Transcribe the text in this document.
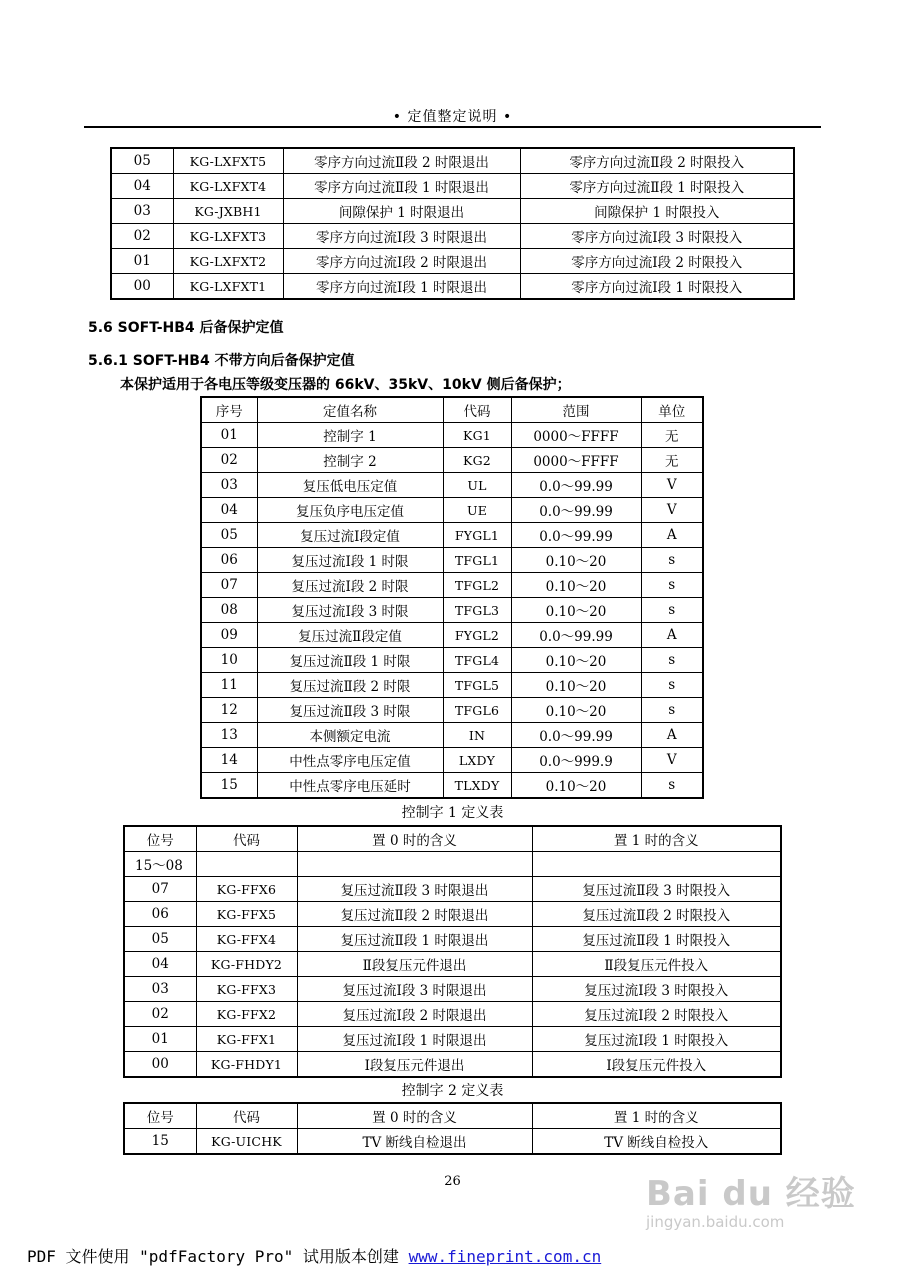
• 定值整定说明 •
05	KG-LXFXT5	零序方向过流Ⅱ段 2 时限退出	零序方向过流Ⅱ段 2 时限投入
04	KG-LXFXT4	零序方向过流Ⅱ段 1 时限退出	零序方向过流Ⅱ段 1 时限投入
03	KG-JXBH1	间隙保护 1 时限退出	间隙保护 1 时限投入
02	KG-LXFXT3	零序方向过流Ⅰ段 3 时限退出	零序方向过流Ⅰ段 3 时限投入
01	KG-LXFXT2	零序方向过流Ⅰ段 2 时限退出	零序方向过流Ⅰ段 2 时限投入
00	KG-LXFXT1	零序方向过流Ⅰ段 1 时限退出	零序方向过流Ⅰ段 1 时限投入
5.6 SOFT-HB4 后备保护定值
5.6.1 SOFT-HB4 不带方向后备保护定值
本保护适用于各电压等级变压器的 66kV、35kV、10kV 侧后备保护；
序号	定值名称	代码	范围	单位
01	控制字 1	KG1	0000～FFFF	无
02	控制字 2	KG2	0000～FFFF	无
03	复压低电压定值	UL	0.0～99.99	V
04	复压负序电压定值	UE	0.0～99.99	V
05	复压过流Ⅰ段定值	FYGL1	0.0～99.99	A
06	复压过流Ⅰ段 1 时限	TFGL1	0.10～20	s
07	复压过流Ⅰ段 2 时限	TFGL2	0.10～20	s
08	复压过流Ⅰ段 3 时限	TFGL3	0.10～20	s
09	复压过流Ⅱ段定值	FYGL2	0.0～99.99	A
10	复压过流Ⅱ段 1 时限	TFGL4	0.10～20	s
11	复压过流Ⅱ段 2 时限	TFGL5	0.10～20	s
12	复压过流Ⅱ段 3 时限	TFGL6	0.10～20	s
13	本侧额定电流	IN	0.0～99.99	A
14	中性点零序电压定值	LXDY	0.0～999.9	V
15	中性点零序电压延时	TLXDY	0.10～20	s
控制字 1 定义表
位号	代码	置 0 时的含义	置 1 时的含义
15～08			
07	KG-FFX6	复压过流Ⅱ段 3 时限退出	复压过流Ⅱ段 3 时限投入
06	KG-FFX5	复压过流Ⅱ段 2 时限退出	复压过流Ⅱ段 2 时限投入
05	KG-FFX4	复压过流Ⅱ段 1 时限退出	复压过流Ⅱ段 1 时限投入
04	KG-FHDY2	Ⅱ段复压元件退出	Ⅱ段复压元件投入
03	KG-FFX3	复压过流Ⅰ段 3 时限退出	复压过流Ⅰ段 3 时限投入
02	KG-FFX2	复压过流Ⅰ段 2 时限退出	复压过流Ⅰ段 2 时限投入
01	KG-FFX1	复压过流Ⅰ段 1 时限退出	复压过流Ⅰ段 1 时限投入
00	KG-FHDY1	Ⅰ段复压元件退出	Ⅰ段复压元件投入
控制字 2 定义表
位号	代码	置 0 时的含义	置 1 时的含义
15	KG-UICHK	TV 断线自检退出	TV 断线自检投入
26	Bai du 经验
jingyan.baidu.com
PDF 文件使用 "pdfFactory Pro" 试用版本创建 www.fineprint.com.cn
